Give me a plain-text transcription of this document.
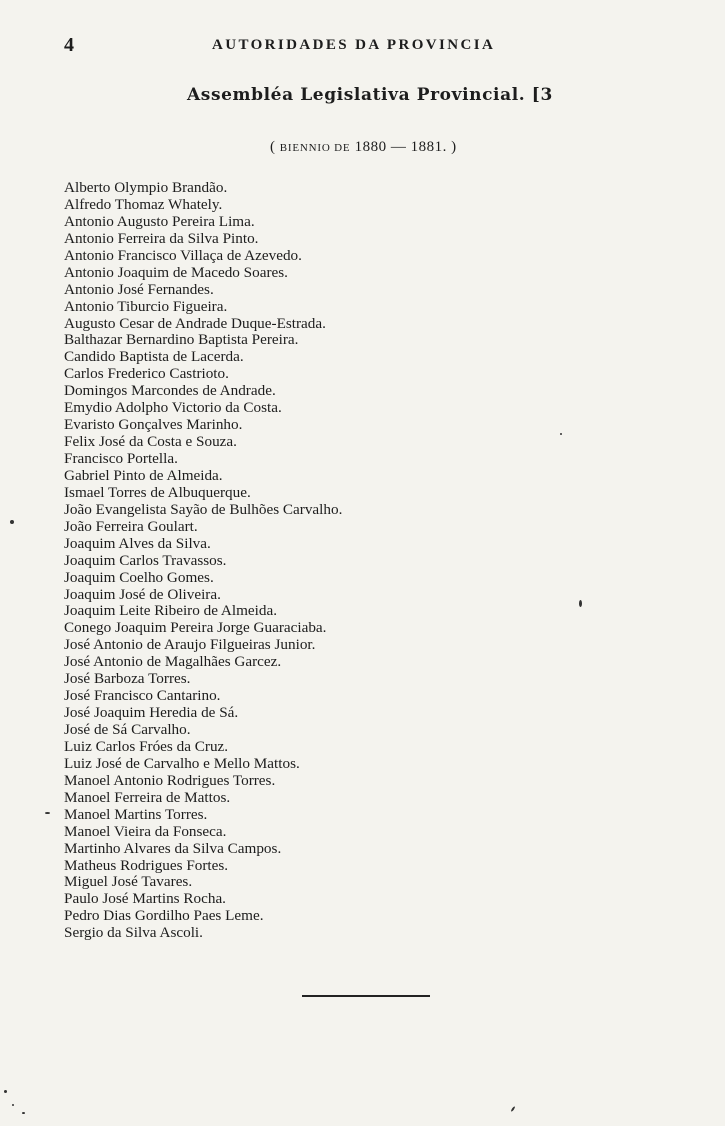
4	AUTORIDADES DA PROVINCIA
Assembléa Legislativa Provincial. [3
( BIENNIO DE 1880 — 1881. )
Alberto Olympio Brandão.
Alfredo Thomaz Whately.
Antonio Augusto Pereira Lima.
Antonio Ferreira da Silva Pinto.
Antonio Francisco Villaça de Azevedo.
Antonio Joaquim de Macedo Soares.
Antonio José Fernandes.
Antonio Tiburcio Figueira.
Augusto Cesar de Andrade Duque-Estrada.
Balthazar Bernardino Baptista Pereira.
Candido Baptista de Lacerda.
Carlos Frederico Castrioto.
Domingos Marcondes de Andrade.
Emydio Adolpho Victorio da Costa.
Evaristo Gonçalves Marinho.
Felix José da Costa e Souza.
Francisco Portella.
Gabriel Pinto de Almeida.
Ismael Torres de Albuquerque.
João Evangelista Sayão de Bulhões Carvalho.
João Ferreira Goulart.
Joaquim Alves da Silva.
Joaquim Carlos Travassos.
Joaquim Coelho Gomes.
Joaquim José de Oliveira.
Joaquim Leite Ribeiro de Almeida.
Conego Joaquim Pereira Jorge Guaraciaba.
José Antonio de Araujo Filgueiras Junior.
José Antonio de Magalhães Garcez.
José Barboza Torres.
José Francisco Cantarino.
José Joaquim Heredia de Sá.
José de Sá Carvalho.
Luiz Carlos Fróes da Cruz.
Luiz José de Carvalho e Mello Mattos.
Manoel Antonio Rodrigues Torres.
Manoel Ferreira de Mattos.
Manoel Martins Torres.
Manoel Vieira da Fonseca.
Martinho Alvares da Silva Campos.
Matheus Rodrigues Fortes.
Miguel José Tavares.
Paulo José Martins Rocha.
Pedro Dias Gordilho Paes Leme.
Sergio da Silva Ascoli.
